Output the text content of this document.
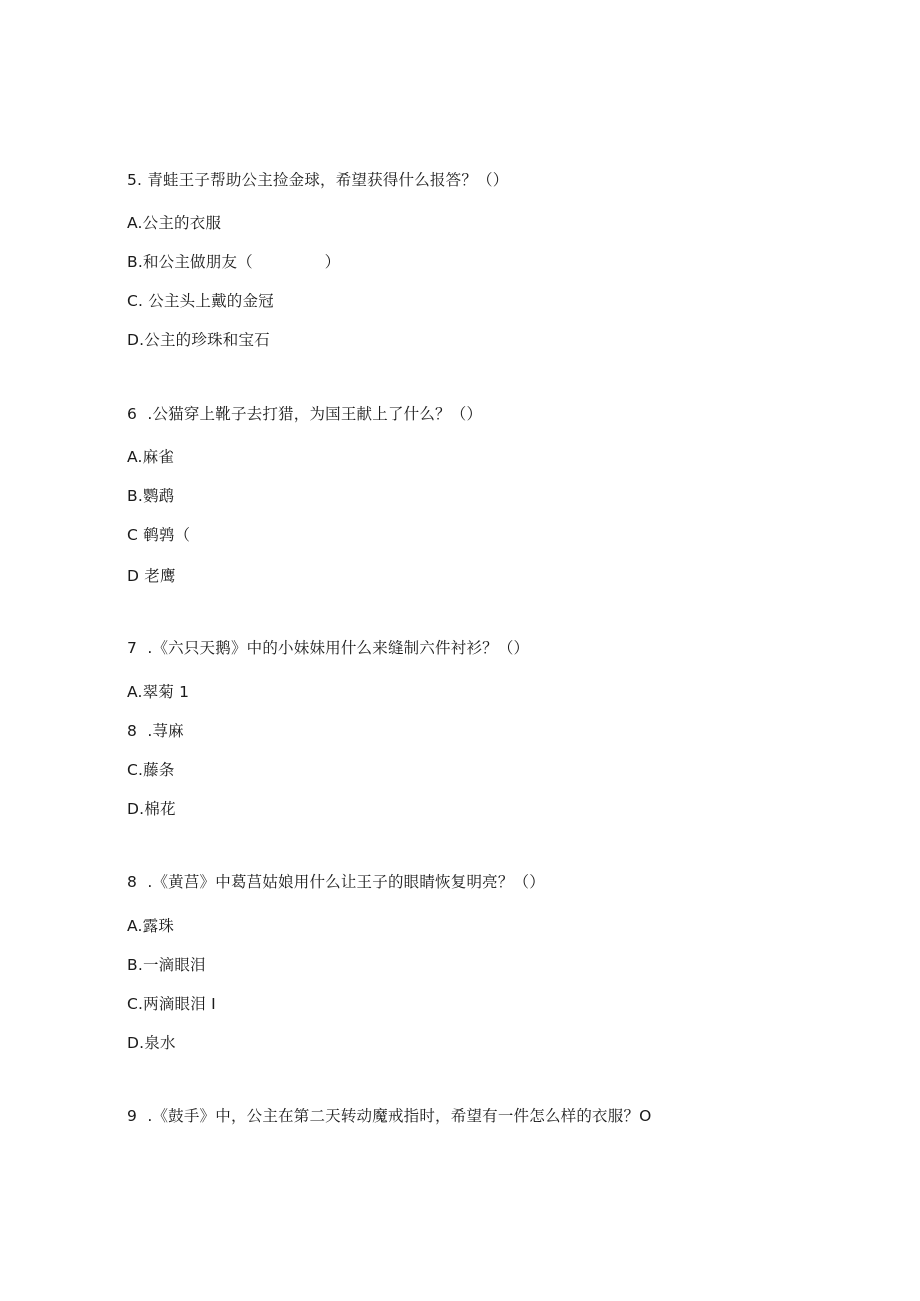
5. 青蛙王子帮助公主捡金球，希望获得什么报答？（）
A.公主的衣服
B.和公主做朋友（              ）
C. 公主头上戴的金冠
D.公主的珍珠和宝石
6  .公猫穿上靴子去打猎，为国王献上了什么？（）
A.麻雀
B.鹦鹉
C 鹌鹑（
D 老鹰
7  .《六只天鹅》中的小妹妹用什么来缝制六件衬衫？（）
A.翠菊 1
8  .荨麻
C.藤条
D.棉花
8  .《黄莒》中葛莒姑娘用什么让王子的眼睛恢复明亮？（）
A.露珠
B.一滴眼泪
C.两滴眼泪 I
D.泉水
9  .《鼓手》中，公主在第二天转动魔戒指时，希望有一件怎么样的衣服？O
